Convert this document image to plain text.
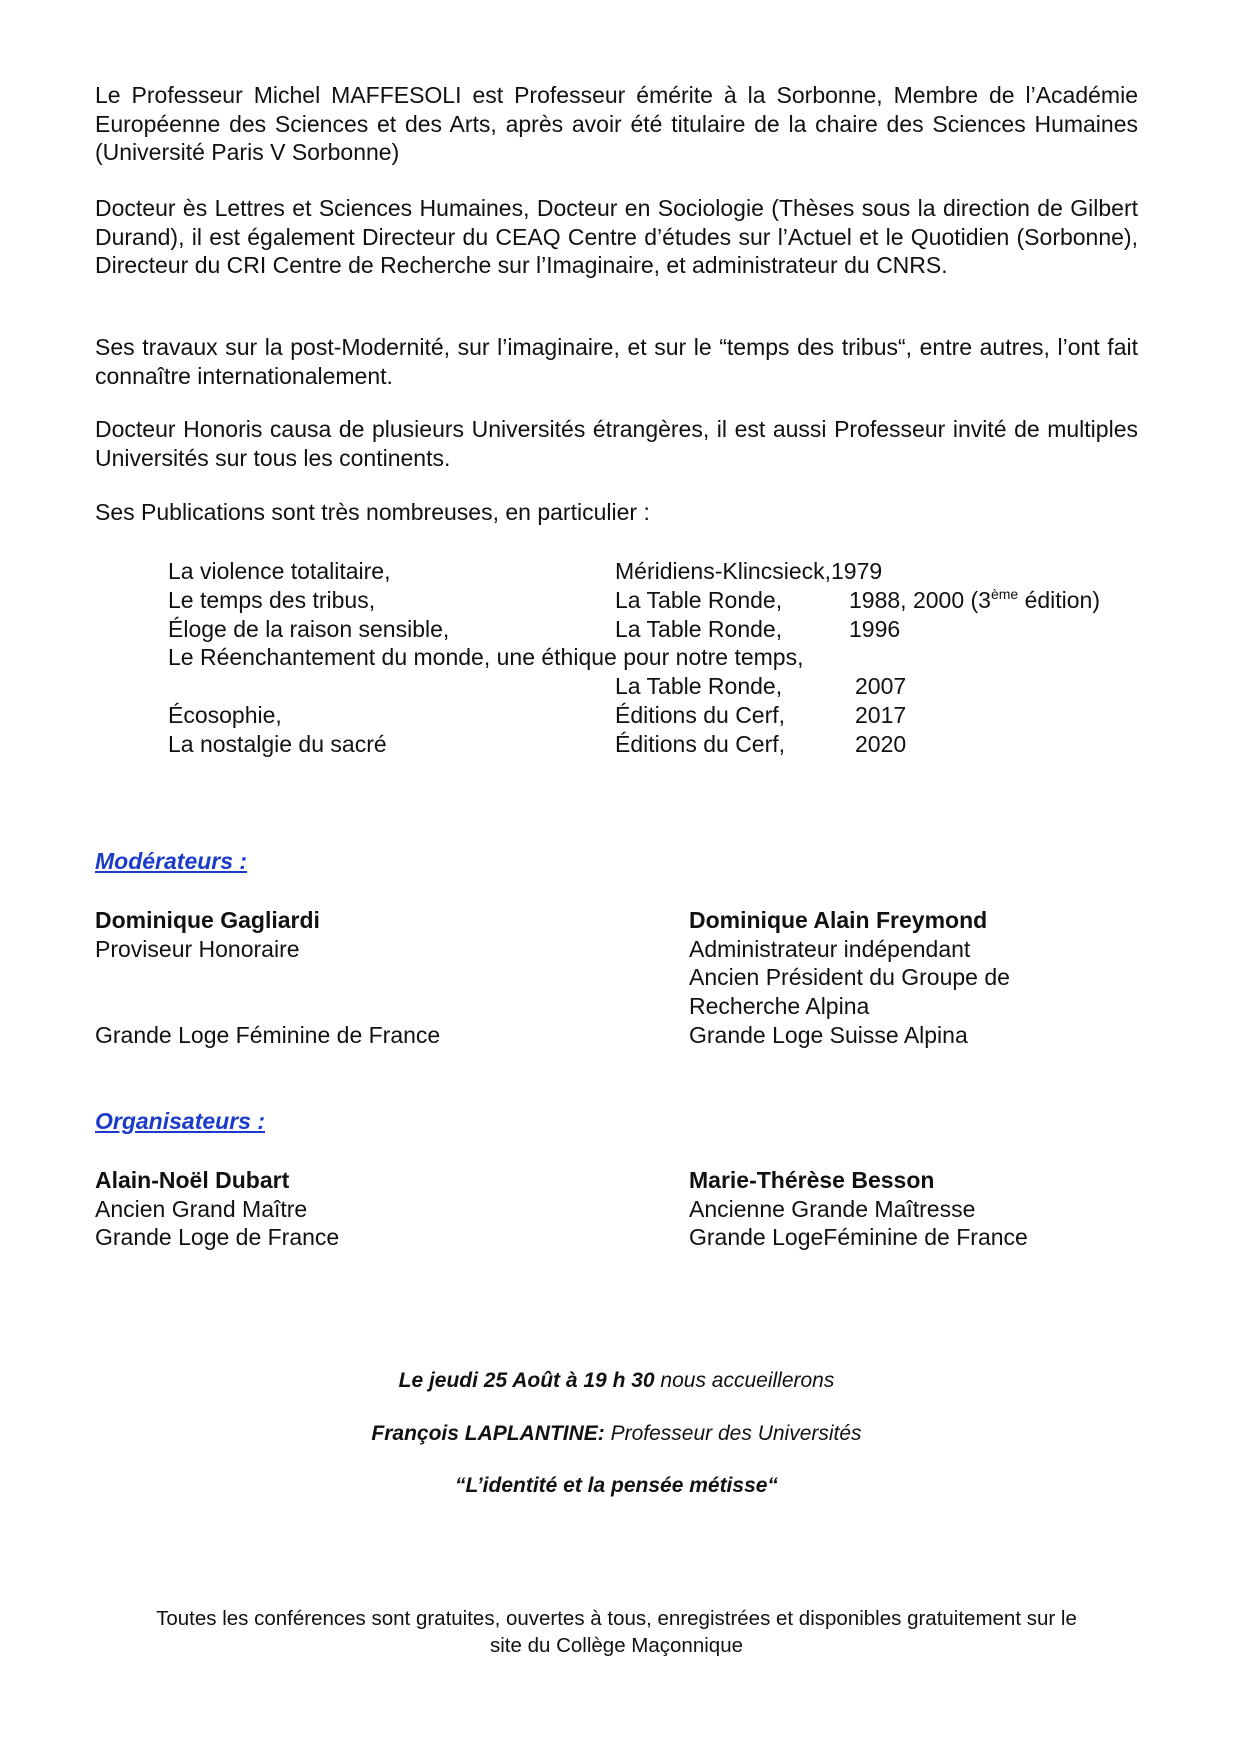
Le Professeur Michel MAFFESOLI est Professeur émérite à la Sorbonne, Membre de l’Académie Européenne des Sciences et des Arts, après avoir été titulaire de la chaire des Sciences Humaines (Université Paris V Sorbonne)

Docteur ès Lettres et Sciences Humaines, Docteur en Sociologie (Thèses sous la direction de Gilbert Durand), il est également Directeur du CEAQ Centre d’études sur l’Actuel et le Quotidien (Sorbonne), Directeur du CRI Centre de Recherche sur l’Imaginaire, et administrateur du CNRS.

Ses travaux sur la post-Modernité, sur l’imaginaire, et sur le “temps des tribus“, entre autres, l’ont fait connaître internationalement.

Docteur Honoris causa de plusieurs Universités étrangères, il est aussi Professeur invité de multiples Universités sur tous les continents.

Ses Publications sont très nombreuses, en particulier :

La violence totalitaire,	Méridiens-Klincsieck,1979
Le temps des tribus,	La Table Ronde,	1988, 2000 (3ème édition)
Éloge de la raison sensible,	La Table Ronde,	1996
Le Réenchantement du monde, une éthique pour notre temps,
La Table Ronde,	2007
Écosophie,	Éditions du Cerf,	2017
La nostalgie du sacré	Éditions du Cerf,	2020
Modérateurs :
Dominique Gagliardi
Proviseur Honoraire
Grande Loge Féminine de France
Dominique Alain Freymond
Administrateur indépendant
Ancien Président du Groupe de
Recherche Alpina
Grande Loge Suisse Alpina
Organisateurs :
Alain-Noël Dubart
Ancien Grand Maître
Grande Loge de France
Marie-Thérèse Besson
Ancienne Grande Maîtresse
Grande LogeFéminine de France
Le jeudi 25 Août à 19 h 30 nous accueillerons
François LAPLANTINE: Professeur des Universités
“L’identité et la pensée métisse“
Toutes les conférences sont gratuites, ouvertes à tous, enregistrées et disponibles gratuitement sur le
site du Collège Maçonnique
